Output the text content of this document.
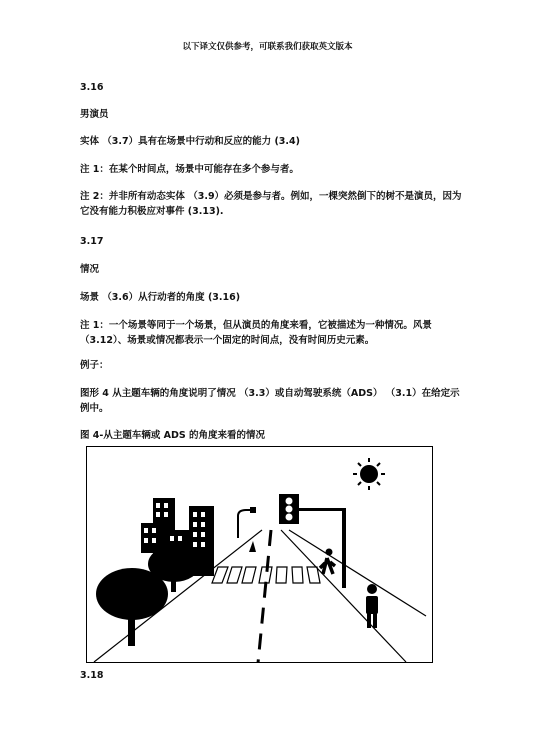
以下译文仅供参考，可联系我们获取英文版本
3.16
男演员
实体 （3.7）具有在场景中行动和反应的能力 (3.4)
注 1：在某个时间点，场景中可能存在多个参与者。
注 2：并非所有动态实体 （3.9）必须是参与者。例如，一棵突然倒下的树不是演员，因为它没有能力积极应对事件 (3.13).
3.17
情况
场景 （3.6）从行动者的角度 (3.16)
注 1：一个场景等同于一个场景，但从演员的角度来看，它被描述为一种情况。风景 （3.12）、场景或情况都表示一个固定的时间点，没有时间历史元素。
例子：
图形 4 从主题车辆的角度说明了情况 （3.3）或自动驾驶系统（ADS） （3.1）在给定示例中。
图 4-从主题车辆或 ADS 的角度来看的情况
3.18
